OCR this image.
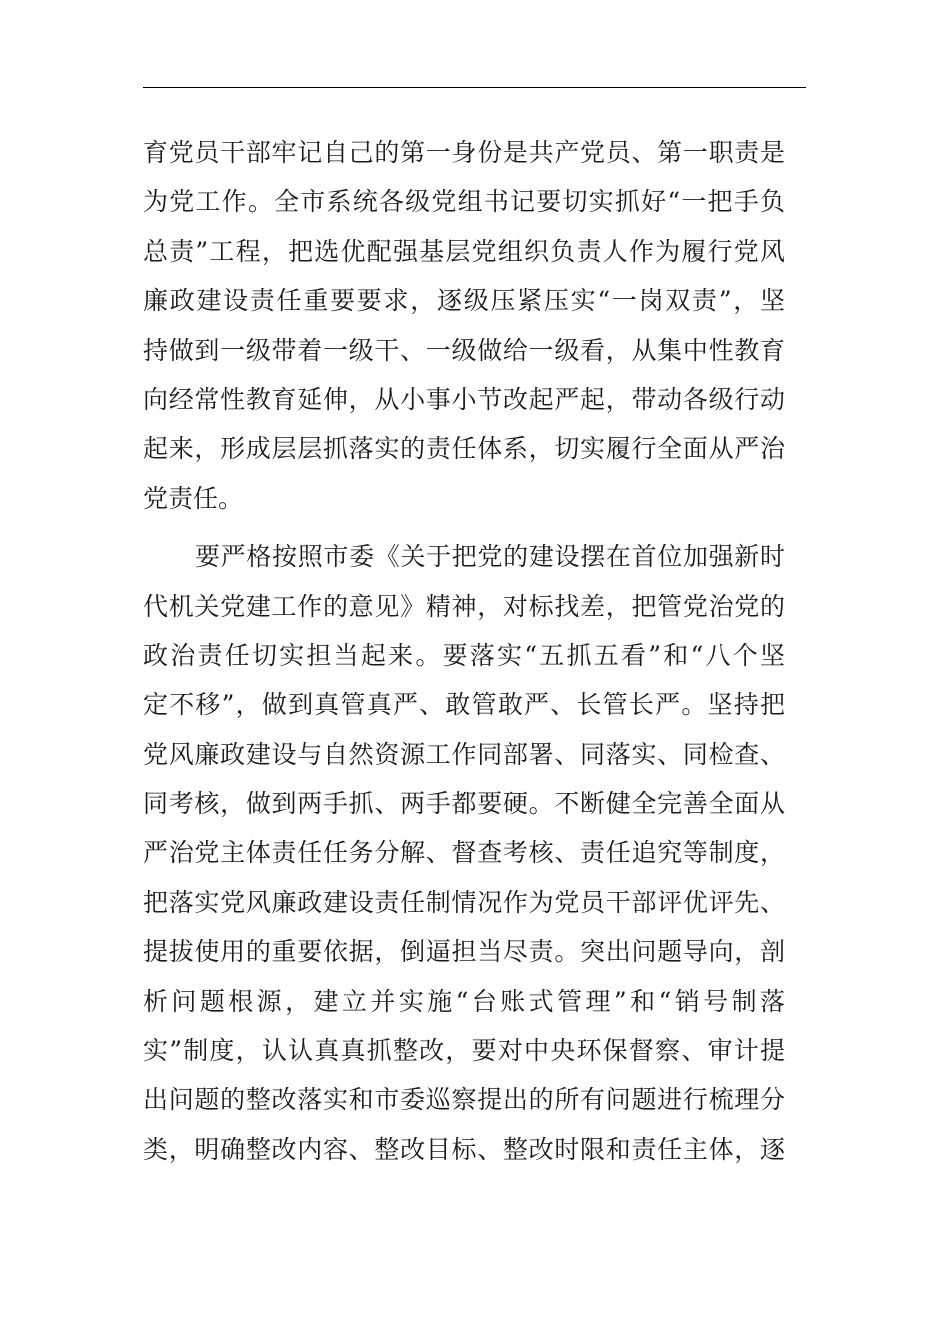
育党员干部牢记自己的第一身份是共产党员、第一职责是
为党工作。全市系统各级党组书记要切实抓好“一把手负
总责”工程，把选优配强基层党组织负责人作为履行党风
廉政建设责任重要要求，逐级压紧压实“一岗双责”，坚
持做到一级带着一级干、一级做给一级看，从集中性教育
向经常性教育延伸，从小事小节改起严起，带动各级行动
起来，形成层层抓落实的责任体系，切实履行全面从严治
党责任。
要严格按照市委《关于把党的建设摆在首位加强新时
代机关党建工作的意见》精神，对标找差，把管党治党的
政治责任切实担当起来。要落实“五抓五看”和“八个坚
定不移”，做到真管真严、敢管敢严、长管长严。坚持把
党风廉政建设与自然资源工作同部署、同落实、同检查、
同考核，做到两手抓、两手都要硬。不断健全完善全面从
严治党主体责任任务分解、督查考核、责任追究等制度，
把落实党风廉政建设责任制情况作为党员干部评优评先、
提拔使用的重要依据，倒逼担当尽责。突出问题导向，剖
析问题根源，建立并实施“台账式管理”和“销号制落
实”制度，认认真真抓整改，要对中央环保督察、审计提
出问题的整改落实和市委巡察提出的所有问题进行梳理分
类，明确整改内容、整改目标、整改时限和责任主体，逐
